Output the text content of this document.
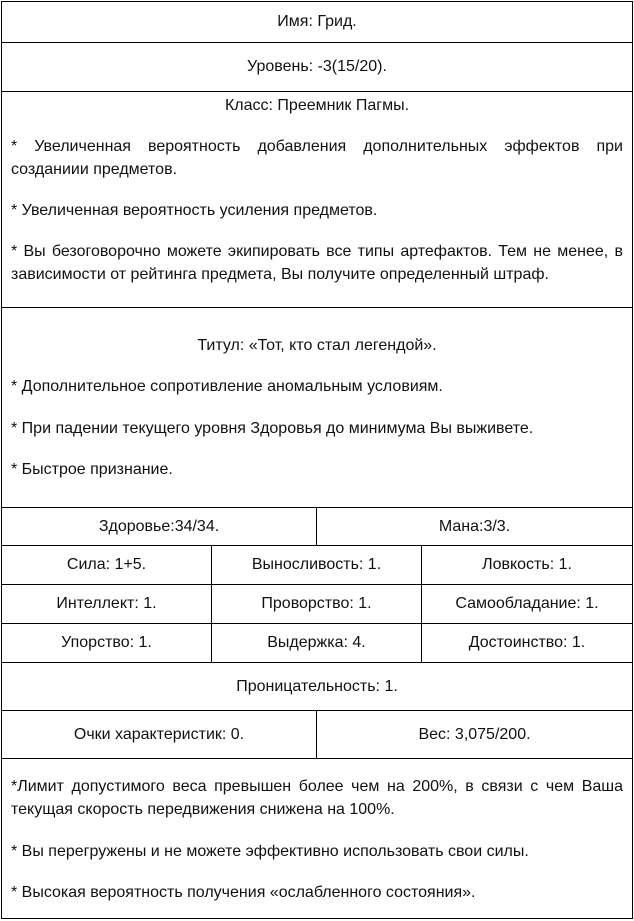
Имя: Грид.
Уровень: -3(15/20).
Класс: Преемник Пагмы.
* Увеличенная вероятность добавления дополнительных эффектов при созданиии предметов.
* Увеличенная вероятность усиления предметов.
* Вы безоговорочно можете экипировать все типы артефактов. Тем не менее, в зависимости от рейтинга предмета, Вы получите определенный штраф.
Титул: «Тот, кто стал легендой».
* Дополнительное сопротивление аномальным условиям.
* При падении текущего уровня Здоровья до минимума Вы выживете.
* Быстрое признание.
Здоровье:34/34.	Мана:3/3.
Сила: 1+5.	Выносливость: 1.	Ловкость: 1.
Интеллект: 1.	Проворство: 1.	Самообладание: 1.
Упорство: 1.	Выдержка: 4.	Достоинство: 1.
Проницательность: 1.
Очки характеристик: 0.	Вес: 3,075/200.
*Лимит допустимого веса превышен более чем на 200%, в связи с чем Ваша текущая скорость передвижения снижена на 100%.
* Вы перегружены и не можете эффективно использовать свои силы.
* Высокая вероятность получения «ослабленного состояния».
